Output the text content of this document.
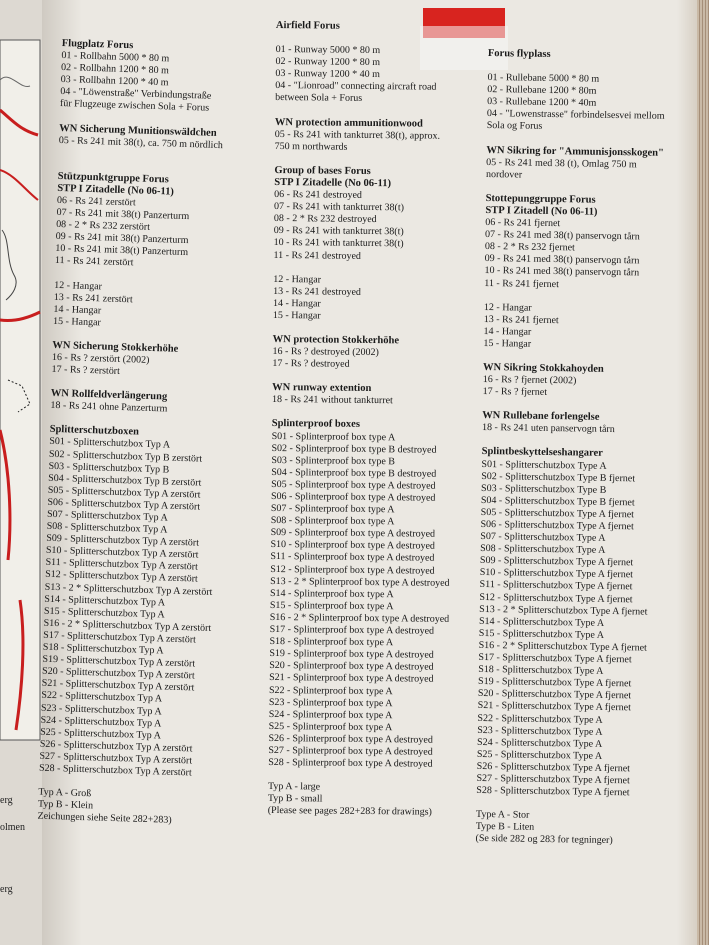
erg
olmen
erg
Flugplatz Forus
01 - Rollbahn 5000 * 80 m
02 - Rollbahn 1200 * 80 m
03 - Rollbahn 1200 * 40 m
04 - "Löwenstraße" Verbindungstraße
für Flugzeuge zwischen Sola + Forus
WN Sicherung Munitionswäldchen
05 - Rs 241 mit 38(t), ca. 750 m nördlich
Stützpunktgruppe Forus
STP I Zitadelle (No 06-11)
06 - Rs 241 zerstört
07 - Rs 241 mit 38(t) Panzerturm
08 - 2 * Rs 232 zerstört
09 - Rs 241 mit 38(t) Panzerturm
10 - Rs 241 mit 38(t) Panzerturm
11 - Rs 241 zerstört
12 - Hangar
13 - Rs 241 zerstört
14 - Hangar
15 - Hangar
WN Sicherung Stokkerhöhe
16 - Rs ? zerstört (2002)
17 - Rs ? zerstört
WN Rollfeldverlängerung
18 - Rs 241 ohne Panzerturm
Splitterschutzboxen
S01 - Splitterschutzbox Typ A
S02 - Splitterschutzbox Typ B zerstört
S03 - Splitterschutzbox Typ B
S04 - Splitterschutzbox Typ B zerstört
S05 - Splitterschutzbox Typ A zerstört
S06 - Splitterschutzbox Typ A zerstört
S07 - Splitterschutzbox Typ A
S08 - Splitterschutzbox Typ A
S09 - Splitterschutzbox Typ A zerstört
S10 - Splitterschutzbox Typ A zerstört
S11 - Splitterschutzbox Typ A zerstört
S12 - Splitterschutzbox Typ A zerstört
S13 - 2 * Splitterschutzbox Typ A zerstört
S14 - Splitterschutzbox Typ A
S15 - Splitterschutzbox Typ A
S16 - 2 * Splitterschutzbox Typ A zerstört
S17 - Splitterschutzbox Typ A zerstört
S18 - Splitterschutzbox Typ A
S19 - Splitterschutzbox Typ A zerstört
S20 - Splitterschutzbox Typ A zerstört
S21 - Splitterschutzbox Typ A zerstört
S22 - Splitterschutzbox Typ A
S23 - Splitterschutzbox Typ A
S24 - Splitterschutzbox Typ A
S25 - Splitterschutzbox Typ A
S26 - Splitterschutzbox Typ A zerstört
S27 - Splitterschutzbox Typ A zerstört
S28 - Splitterschutzbox Typ A zerstört
Typ A - Groß
Typ B - Klein
Zeichungen siehe Seite 282+283)
Airfield Forus
01 - Runway 5000 * 80 m
02 - Runway 1200 * 80 m
03 - Runway 1200 * 40 m
04 - "Lionroad" connecting aircraft road
between Sola + Forus
WN protection ammunitionwood
05 - Rs 241 with tankturret 38(t), approx.
750 m northwards
Group of bases Forus
STP I Zitadelle (No 06-11)
06 - Rs 241 destroyed
07 - Rs 241 with tankturret 38(t)
08 - 2 * Rs 232 destroyed
09 - Rs 241 with tankturret 38(t)
10 - Rs 241 with tankturret 38(t)
11 - Rs 241 destroyed
12 - Hangar
13 - Rs 241 destroyed
14 - Hangar
15 - Hangar
WN protection Stokkerhöhe
16 - Rs ? destroyed (2002)
17 - Rs ? destroyed
WN runway extention
18 - Rs 241 without tankturret
Splinterproof boxes
S01 - Splinterproof box type A
S02 - Splinterproof box type B destroyed
S03 - Splinterproof box type B
S04 - Splinterproof box type B destroyed
S05 - Splinterproof box type A destroyed
S06 - Splinterproof box type A destroyed
S07 - Splinterproof box type A
S08 - Splinterproof box type A
S09 - Splinterproof box type A destroyed
S10 - Splinterproof box type A destroyed
S11 - Splinterproof box type A destroyed
S12 - Splinterproof box type A destroyed
S13 - 2 * Splinterproof box type A destroyed
S14 - Splinterproof box type A
S15 - Splinterproof box type A
S16 - 2 * Splinterproof box type A destroyed
S17 - Splinterproof box type A destroyed
S18 - Splinterproof box type A
S19 - Splinterproof box type A destroyed
S20 - Splinterproof box type A destroyed
S21 - Splinterproof box type A destroyed
S22 - Splinterproof box type A
S23 - Splinterproof box type A
S24 - Splinterproof box type A
S25 - Splinterproof box type A
S26 - Splinterproof box type A destroyed
S27 - Splinterproof box type A destroyed
S28 - Splinterproof box type A destroyed
Typ A - large
Typ B - small
(Please see pages 282+283 for drawings)
Forus flyplass
01 - Rullebane 5000 * 80 m
02 - Rullebane 1200 * 80m
03 - Rullebane 1200 * 40m
04 - "Lowenstrasse" forbindelsesvei mellom
Sola og Forus
WN Sikring for "Ammunisjonsskogen"
05 - Rs 241 med 38 (t), Omlag 750 m
nordover
Stottepunggruppe Forus
STP I Zitadell (No 06-11)
06 - Rs 241 fjernet
07 - Rs 241 med 38(t) panservogn tårn
08 - 2 * Rs 232 fjernet
09 - Rs 241 med 38(t) panservogn tårn
10 - Rs 241 med 38(t) panservogn tårn
11 - Rs 241 fjernet
12 - Hangar
13 - Rs 241 fjernet
14 - Hangar
15 - Hangar
WN Sikring Stokkahoyden
16 - Rs ? fjernet (2002)
17 - Rs ? fjernet
WN Rullebane forlengelse
18 - Rs 241 uten panservogn tårn
Splintbeskyttelseshangarer
S01 - Splitterschutzbox Type A
S02 - Splitterschutzbox Type B fjernet
S03 - Splitterschutzbox Type B
S04 - Splitterschutzbox Type B fjernet
S05 - Splitterschutzbox Type A fjernet
S06 - Splitterschutzbox Type A fjernet
S07 - Splitterschutzbox Type A
S08 - Splitterschutzbox Type A
S09 - Splitterschutzbox Type A fjernet
S10 - Splitterschutzbox Type A fjernet
S11 - Splitterschutzbox Type A fjernet
S12 - Splitterschutzbox Type A fjernet
S13 - 2 * Splitterschutzbox Type A fjernet
S14 - Splitterschutzbox Type A
S15 - Splitterschutzbox Type A
S16 - 2 * Splitterschutzbox Type A fjernet
S17 - Splitterschutzbox Type A fjernet
S18 - Splitterschutzbox Type A
S19 - Splitterschutzbox Type A fjernet
S20 - Splitterschutzbox Type A fjernet
S21 - Splitterschutzbox Type A fjernet
S22 - Splitterschutzbox Type A
S23 - Splitterschutzbox Type A
S24 - Splitterschutzbox Type A
S25 - Splitterschutzbox Type A
S26 - Splitterschutzbox Type A fjernet
S27 - Splitterschutzbox Type A fjernet
S28 - Splitterschutzbox Type A fjernet
Type A - Stor
Type B - Liten
(Se side 282 og 283 for tegninger)
